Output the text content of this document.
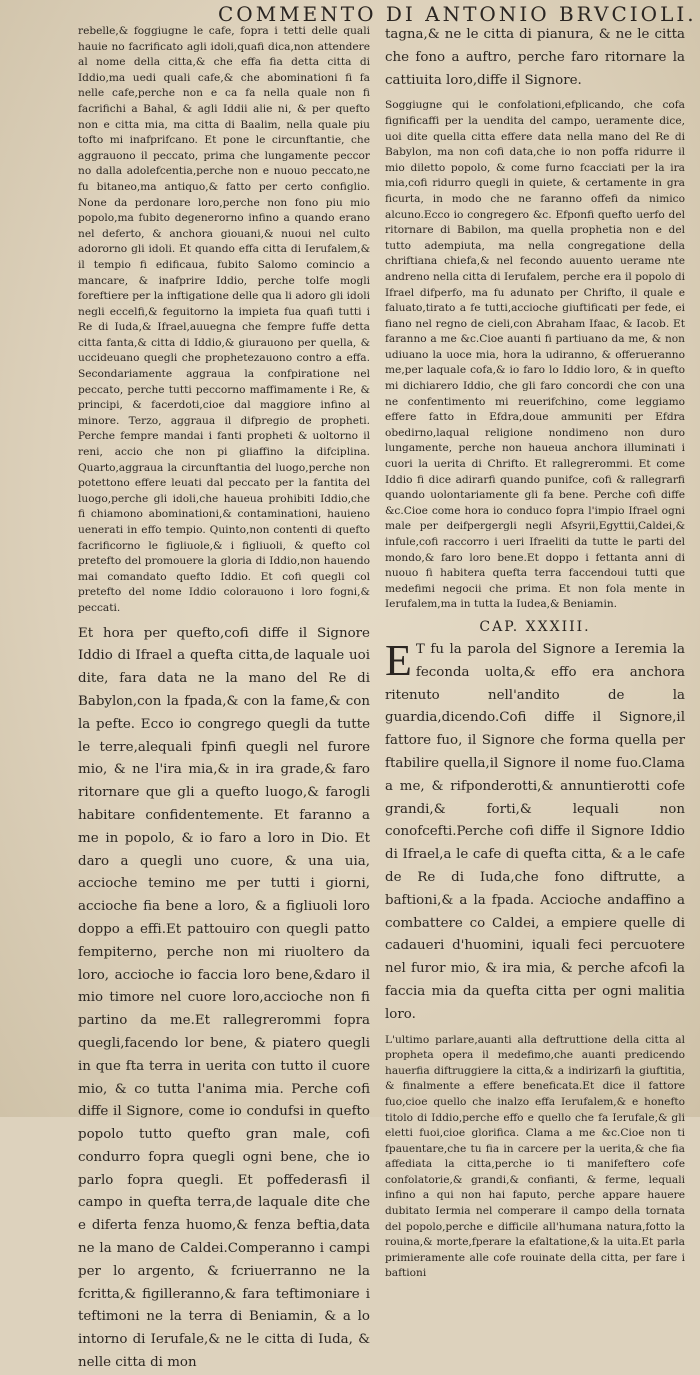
COMMENTO DI ANTONIO BRVCIOLI.

rebelle,& foggiugne le cafe, fopra i tetti delle quali hauie no facrificato agli idoli,quafi dica,non attendere al nome della citta,& che effa fia detta citta di Iddio,ma uedi quali cafe,& che abominationi fi fa nelle cafe,perche non e ca fa nella quale non fi facrifichi a Bahal, & agli Iddii alie ni, & per quefto non e citta mia, ma citta di Baalim, nella quale piu tofto mi inafprifcano. Et pone le circunftantie, che aggrauono il peccato, prima che lungamente peccor no dalla adolefcentia,perche non e nuouo peccato,ne fu bitaneo,ma antiquo,& fatto per certo configlio. None da perdonare loro,perche non fono piu mio popolo,ma fubito degenerorno infino a quando erano nel deferto, & anchora giouani,& nuoui nel culto adororno gli idoli. Et quando effa citta di Ierufalem,& il tempio fi edificaua, fubito Salomo comincio a mancare, & inafprire Iddio, perche tolfe mogli foreftiere per la inftigatione delle qua li adoro gli idoli negli eccelfi,& feguitorno la impieta fua quafi tutti i Re di Iuda,& Ifrael,auuegna che fempre fuffe detta citta fanta,& citta di Iddio,& giurauono per quella, & uccideuano quegli che prophetezauono contro a effa. Secondariamente aggraua la confpiratione nel peccato, perche tutti peccorno maffimamente i Re, & principi, & facerdoti,cioe dal maggiore infino al minore. Terzo, aggraua il difpregio de propheti. Perche fempre mandai i fanti propheti & uoltorno il reni, accio che non pi gliaffino la difciplina. Quarto,aggraua la circunftantia del luogo,perche non potettono effere leuati dal peccato per la fantita del luogo,perche gli idoli,che haueua prohibiti Iddio,che fi chiamono abominationi,& contaminationi, hauieno uenerati in effo tempio. Quinto,non contenti di quefto facrificorno le figliuole,& i figliuoli, & quefto col pretefto del promouere la gloria di Iddio,non hauendo mai comandato quefto Iddio. Et cofi quegli col pretefto del nome Iddio colorauono i loro fogni,& peccati.

Et hora per quefto,cofi diffe il Signore Iddio di Ifrael a quefta citta,de laquale uoi dite, fara data ne la mano del Re di Babylon,con la fpada,& con la fame,& con la pefte. Ecco io congrego quegli da tutte le terre,alequali fpinfi quegli nel furore mio, & ne l'ira mia,& in ira grade,& faro ritornare que gli a quefto luogo,& farogli habitare confidentemente. Et faranno a me in popolo, & io faro a loro in Dio. Et daro a quegli uno cuore, & una uia, accioche temino me per tutti i giorni, accioche fia bene a loro, & a figliuoli loro doppo a effi.Et pattouiro con quegli patto fempiterno, perche non mi riuoltero da loro, accioche io faccia loro bene,&daro il mio timore nel cuore loro,accioche non fi partino da me.Et rallegrerommi fopra quegli,facendo lor bene, & piatero quegli in que fta terra in uerita con tutto il cuore mio, & co tutta l'anima mia. Perche cofi diffe il Signore, come io condufsi in quefto popolo tutto quefto gran male, cofi condurro fopra quegli ogni bene, che io parlo fopra quegli. Et poffederasfi il campo in quefta terra,de laquale dite che e diferta fenza huomo,& fenza beftia,data ne la mano de Caldei.Comperanno i campi per lo argento, & fcriuerranno ne la fcritta,& figilleranno,& fara teftimoniare i teftimoni ne la terra di Beniamin, & a lo intorno di Ierufale,& ne le citta di Iuda, & nelle citta di mon

tagna,& ne le citta di pianura, & ne le citta che fono a auftro, perche faro ritornare la cattiuita loro,diffe il Signore.

Soggiugne qui le confolationi,efplicando, che cofa fignificaffi per la uendita del campo, ueramente dice, uoi dite quella citta effere data nella mano del Re di Babylon, ma non cofi data,che io non poffa ridurre il mio diletto popolo, & come furno fcacciati per la ira mia,cofi ridurro quegli in quiete, & certamente in gra ficurta, in modo che ne faranno offefi da nimico alcuno.Ecco io congregero &c. Efponfi quefto uerfo del ritornare di Babilon, ma quella prophetia non e del tutto adempiuta, ma nella congregatione della chriftiana chiefa,& nel fecondo auuento uerame nte andreno nella citta di Ierufalem, perche era il popolo di Ifrael difperfo, ma fu adunato per Chrifto, il quale e faluato,tirato a fe tutti,accioche giuftificati per fede, ei fiano nel regno de cieli,con Abraham Ifaac, & Iacob. Et faranno a me &c.Cioe auanti fi partiuano da me, & non udiuano la uoce mia, hora la udiranno, & offerueranno me,per laquale cofa,& io faro lo Iddio loro, & in quefto mi dichiarero Iddio, che gli faro concordi che con una ne confentimento mi reuerifchino, come leggiamo effere fatto in Efdra,doue ammuniti per Efdra obedirno,laqual religione nondimeno non duro lungamente, perche non haueua anchora illuminati i cuori la uerita di Chrifto. Et rallegrerommi. Et come Iddio fi dice adirarfi quando punifce, cofi & rallegrarfi quando uolontariamente gli fa bene. Perche cofi diffe &c.Cioe come hora io conduco fopra l'impio Ifrael ogni male per deifpergergli negli Afsyrii,Egyttii,Caldei,& infule,cofi raccorro i ueri Ifraeliti da tutte le parti del mondo,& faro loro bene.Et doppo i fettanta anni di nuouo fi habitera quefta terra faccendoui tutti que medefimi negocii che prima. Et non fola mente in Ierufalem,ma in tutta la Iudea,& Beniamin.

CAP. XXXIII.

E T fu la parola del Signore a Ieremia la feconda uolta,& effo era anchora ritenuto nell'andito de la guardia,dicendo.Cofi diffe il Signore,il fattore fuo, il Signore che forma quella per ftabilire quella,il Signore il nome fuo.Clama a me, & rifponderotti,& annuntierotti cofe grandi,& forti,& lequali non conofcefti.Perche cofi diffe il Signore Iddio di Ifrael,a le cafe di quefta citta, & a le cafe de Re di Iuda,che fono diftrutte, a baftioni,& a la fpada. Accioche andaffino a combattere co Caldei, a empiere quelle di cadaueri d'huomini, iquali feci percuotere nel furor mio, & ira mia, & perche afcofi la faccia mia da quefta citta per ogni malitia loro.

L'ultimo parlare,auanti alla deftruttione della citta al propheta opera il medefimo,che auanti predicendo hauerfia diftruggiere la citta,& a indirizarfi la giuftitia, & finalmente a effere beneficata.Et dice il fattore fuo,cioe quello che inalzo effa Ierufalem,& e honefto titolo di Iddio,perche effo e quello che fa Ierufale,& gli eletti fuoi,cioe glorifica. Clama a me &c.Cioe non ti fpauentare,che tu fia in carcere per la uerita,& che fia affediata la citta,perche io ti manifeftero cofe confolatorie,& grandi,& confianti, & ferme, lequali infino a qui non hai faputo, perche appare hauere dubitato Iermia nel comperare il campo della tornata del popolo,perche e difficile all'humana natura,fotto la rouina,& morte,fperare la efaltatione,& la uita.Et parla primieramente alle cofe rouinate della citta, per fare i baftioni
